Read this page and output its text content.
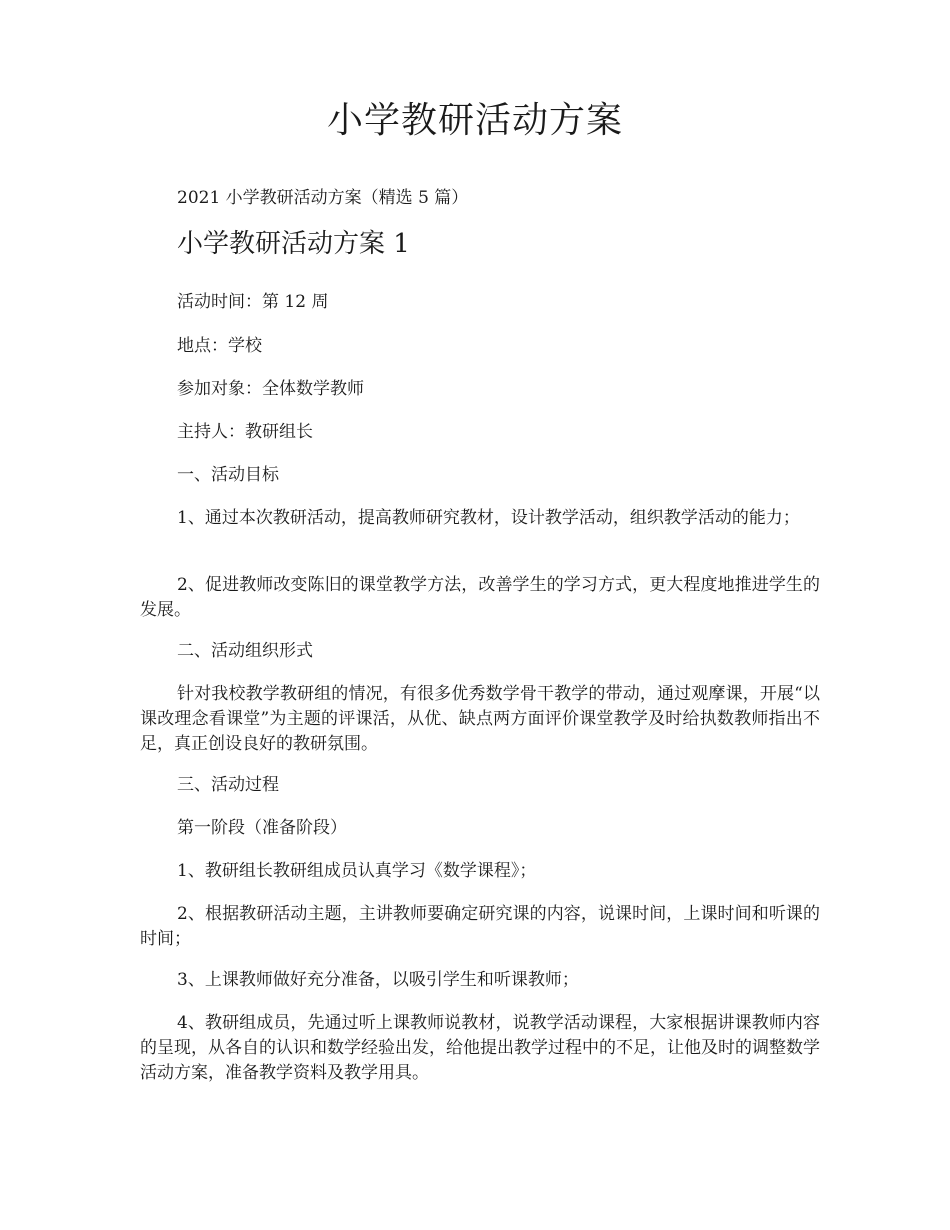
小学教研活动方案

2021 小学教研活动方案（精选 5 篇）

小学教研活动方案 1

活动时间：第 12 周

地点：学校

参加对象：全体数学教师

主持人：教研组长

一、活动目标

1、通过本次教研活动，提高教师研究教材，设计教学活动，组织教学活动的能力；

2、促进教师改变陈旧的课堂教学方法，改善学生的学习方式，更大程度地推进学生的发展。

二、活动组织形式

针对我校教学教研组的情况，有很多优秀数学骨干教学的带动，通过观摩课，开展“以课改理念看课堂”为主题的评课活，从优、缺点两方面评价课堂教学及时给执数教师指出不足，真正创设良好的教研氛围。

三、活动过程

第一阶段（准备阶段）

1、教研组长教研组成员认真学习《数学课程》；

2、根据教研活动主题，主讲教师要确定研究课的内容，说课时间，上课时间和听课的时间；

3、上课教师做好充分准备，以吸引学生和听课教师；

4、教研组成员，先通过听上课教师说教材，说教学活动课程，大家根据讲课教师内容的呈现，从各自的认识和数学经验出发，给他提出教学过程中的不足，让他及时的调整数学活动方案，准备教学资料及教学用具。
